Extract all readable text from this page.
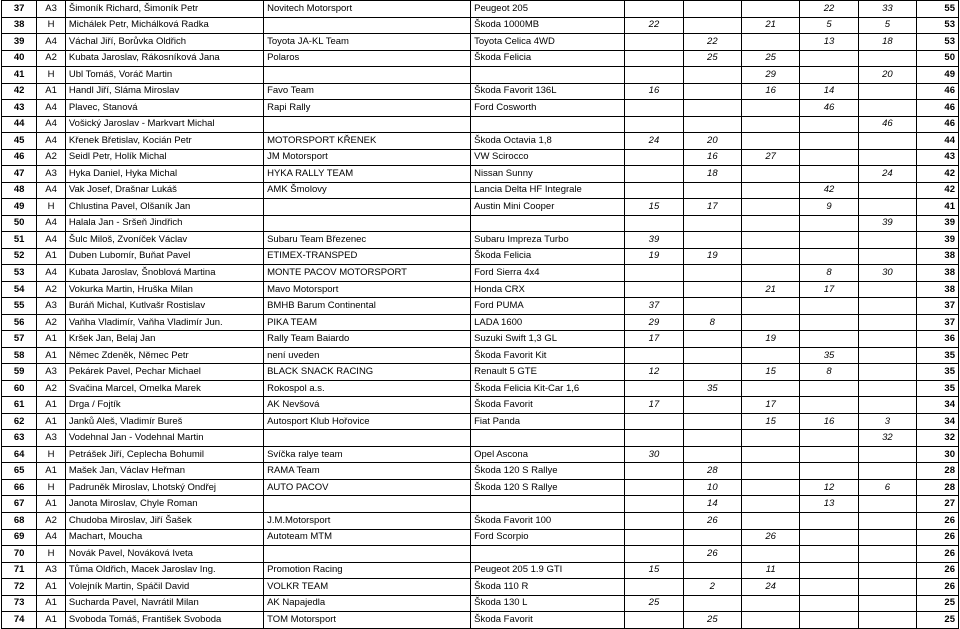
37	A3	Šimoník Richard, Šimoník Petr	Novitech Motorsport	Peugeot 205				22	33	55
38	H	Michálek Petr, Michálková Radka		Škoda 1000MB	22		21	5	5	53
39	A4	Váchal Jiří, Borůvka Oldřich	Toyota JA-KL Team	Toyota Celica 4WD		22		13	18	53
40	A2	Kubata Jaroslav, Rákosníková Jana	Polaros	Škoda Felicia		25	25			50
41	H	Ubl Tomáš, Voráč Martin					29		20	49
42	A1	Handl Jiří, Sláma Miroslav	Favo Team	Škoda Favorit 136L	16		16	14		46
43	A4	Plavec, Stanová	Rapi Rally	Ford Cosworth				46		46
44	A4	Vošický Jaroslav - Markvart Michal							46	46
45	A4	Křenek Břetislav, Kocián Petr	MOTORSPORT KŘENEK	Škoda Octavia 1,8	24	20				44
46	A2	Seidl Petr, Holík Michal	JM Motorsport	VW Scirocco		16	27			43
47	A3	Hyka Daniel, Hyka Michal	HYKA RALLY TEAM	Nissan Sunny		18			24	42
48	A4	Vak Josef, Drašnar Lukáš	AMK Šmolovy	Lancia Delta HF Integrale				42		42
49	H	Chlustina Pavel, Olšaník Jan		Austin Mini Cooper	15	17		9		41
50	A4	Halala Jan - Sršeň Jindřich							39	39
51	A4	Šulc Miloš, Zvoníček Václav	Subaru Team Březenec	Subaru Impreza Turbo	39					39
52	A1	Duben Lubomír, Buňat Pavel	ETIMEX-TRANSPED	Škoda Felicia	19	19				38
53	A4	Kubata Jaroslav, Šnoblová Martina	MONTE PACOV MOTORSPORT	Ford Sierra 4x4				8	30	38
54	A2	Vokurka Martin, Hruška Milan	Mavo Motorsport	Honda CRX			21	17		38
55	A3	Buráň Michal, Kutlvašr Rostislav	BMHB Barum Continental	Ford PUMA	37					37
56	A2	Vaňha Vladimír, Vaňha Vladimír Jun.	PIKA TEAM	LADA 1600	29	8				37
57	A1	Kršek Jan, Belaj Jan	Rally Team Baiardo	Suzuki Swift 1,3 GL	17		19			36
58	A1	Němec Zdeněk, Němec Petr	není uveden	Škoda Favorit Kit				35		35
59	A3	Pekárek Pavel, Pechar Michael	BLACK SNACK RACING	Renault 5 GTE	12		15	8		35
60	A2	Svačina Marcel, Omelka Marek	Rokospol a.s.	Škoda Felicia Kit-Car 1,6		35				35
61	A1	Drga / Fojtík	AK Nevšová	Škoda Favorit	17		17			34
62	A1	Janků Aleš, Vladimír Bureš	Autosport Klub Hořovice	Fiat Panda			15	16	3	34
63	A3	Vodehnal Jan - Vodehnal Martin							32	32
64	H	Petrášek Jiří, Ceplecha Bohumil	Svíčka ralye team	Opel Ascona	30					30
65	A1	Mašek Jan, Václav Heřman	RAMA Team	Škoda 120 S Rallye		28				28
66	H	Padruněk Miroslav, Lhotský Ondřej	AUTO PACOV	Škoda 120 S Rallye		10		12	6	28
67	A1	Janota Miroslav, Chyle Roman				14		13		27
68	A2	Chudoba Miroslav, Jiří Šašek	J.M.Motorsport	Škoda Favorit 100		26				26
69	A4	Machart, Moucha	Autoteam MTM	Ford Scorpio			26			26
70	H	Novák Pavel, Nováková Iveta				26				26
71	A3	Tůma Oldřich, Macek Jaroslav Ing.	Promotion Racing	Peugeot 205 1.9 GTI	15		11			26
72	A1	Volejník Martin, Spáčil David	VOLKR TEAM	Škoda 110 R		2	24			26
73	A1	Sucharda Pavel, Navrátil Milan	AK Napajedla	Škoda 130 L	25					25
74	A1	Svoboda Tomáš, František Svoboda	TOM Motorsport	Škoda Favorit		25				25
